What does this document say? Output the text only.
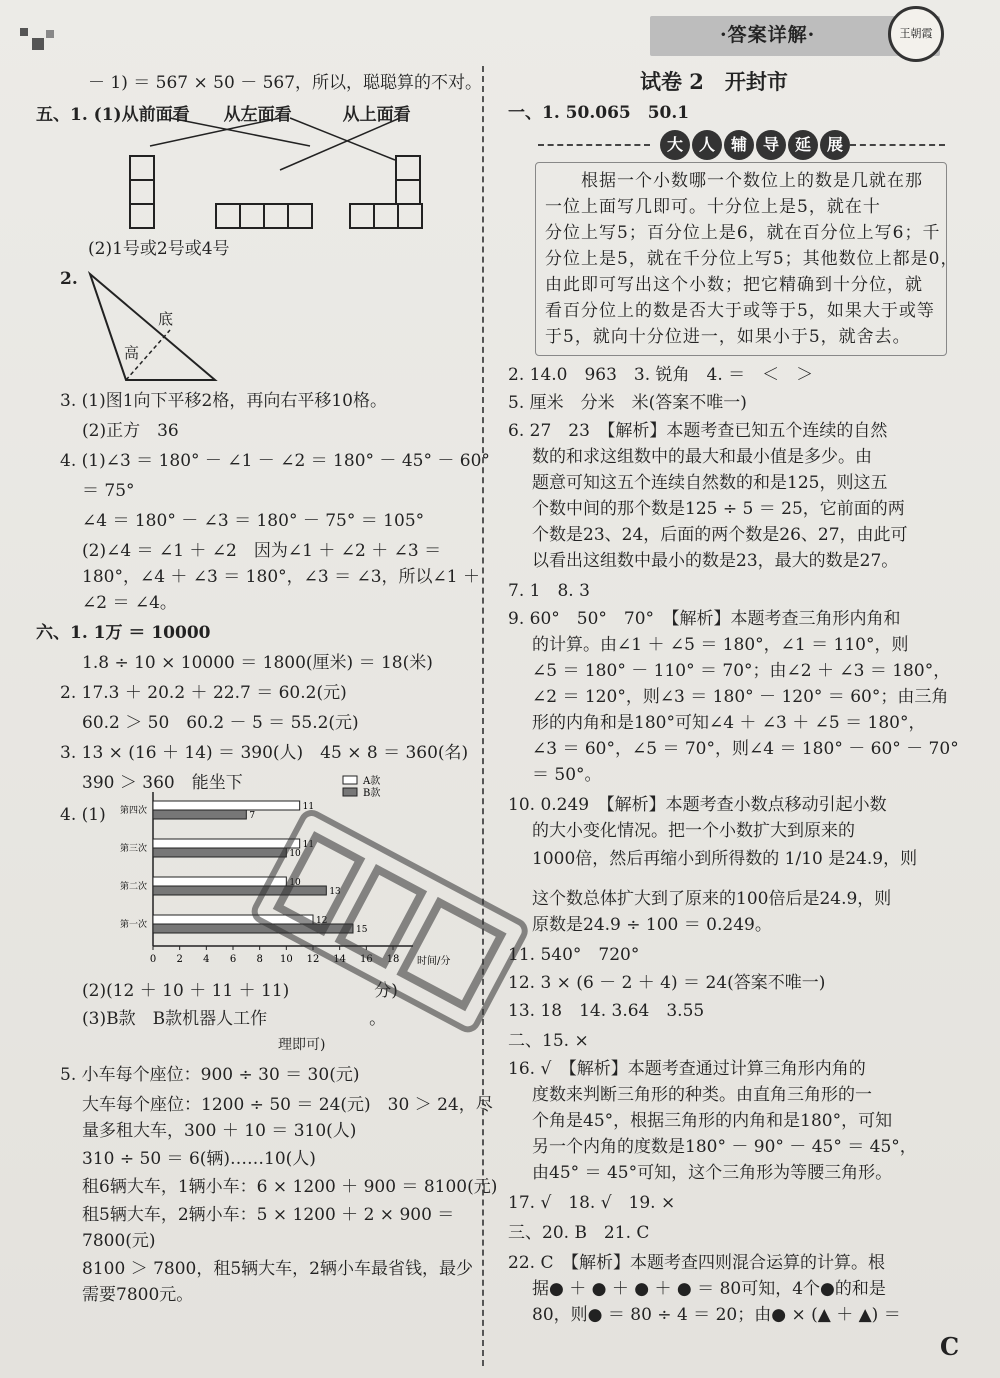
·答案详解·	王朝霞
－ 1) ＝ 567 × 50 － 567，所以，聪聪算的不对。
五、1. (1)从前面看　　从左面看　　　从上面看
(2)1号或2号或4号
2.
底
高
3. (1)图1向下平移2格，再向右平移10格。
(2)正方　36
4. (1)∠3 ＝ 180° － ∠1 － ∠2 ＝ 180° － 45° － 60°
＝ 75°
∠4 ＝ 180° － ∠3 ＝ 180° － 75° ＝ 105°
(2)∠4 ＝ ∠1 ＋ ∠2　因为∠1 ＋ ∠2 ＋ ∠3 ＝
180°，∠4 ＋ ∠3 ＝ 180°，∠3 ＝ ∠3，所以∠1 ＋
∠2 ＝ ∠4。
六、1. 1万 ＝ 10000
1.8 ÷ 10 × 10000 ＝ 1800(厘米) ＝ 18(米)
2. 17.3 ＋ 20.2 ＋ 22.7 ＝ 60.2(元)
60.2 ＞ 50　60.2 － 5 ＝ 55.2(元)
3. 13 × (16 ＋ 14) ＝ 390(人)　45 × 8 ＝ 360(名)
390 ＞ 360　能坐下
4. (1)
0 2 4 6 8 10 12 14 16 18 时间/分
A款
B款
第一次	12
15
第二次	10
13
第三次	11
10
第四次	11
7
(2)(12 ＋ 10 ＋ 11 ＋ 11)　　　　　分)
(3)B款　B款机器人工作　　　　　　。
　　　　　　　　　　　　　　理即可)
5. 小车每个座位：900 ÷ 30 ＝ 30(元)
大车每个座位：1200 ÷ 50 ＝ 24(元)　30 ＞ 24，尽
量多租大车，300 ＋ 10 ＝ 310(人)
310 ÷ 50 ＝ 6(辆)……10(人)
租6辆大车，1辆小车：6 × 1200 ＋ 900 ＝ 8100(元)
租5辆大车，2辆小车：5 × 1200 ＋ 2 × 900 ＝
7800(元)
8100 ＞ 7800，租5辆大车，2辆小车最省钱，最少
需要7800元。
试卷 2　开封市
一、1. 50.065　50.1
大 人 辅 导 延 展
　　根据一个小数哪一个数位上的数是几就在那
一位上面写几即可。十分位上是5，就在十
分位上写5；百分位上是6，就在百分位上写6；千
分位上是5，就在千分位上写5；其他数位上都是0，
由此即可写出这个小数；把它精确到十分位，就
看百分位上的数是否大于或等于5，如果大于或等
于5，就向十分位进一，如果小于5，就舍去。
2. 14.0　963　3. 锐角　4. ＝　＜　＞
5. 厘米　分米　米(答案不唯一)
6. 27　23　【解析】本题考查已知五个连续的自然
数的和求这组数中的最大和最小值是多少。由
题意可知这五个连续自然数的和是125，则这五
个数中间的那个数是125 ÷ 5 ＝ 25，它前面的两
个数是23、24，后面的两个数是26、27，由此可
以看出这组数中最小的数是23，最大的数是27。
7. 1　8. 3
9. 60°　50°　70°　【解析】本题考查三角形内角和
的计算。由∠1 ＋ ∠5 ＝ 180°，∠1 ＝ 110°，则
∠5 ＝ 180° － 110° ＝ 70°；由∠2 ＋ ∠3 ＝ 180°，
∠2 ＝ 120°，则∠3 ＝ 180° － 120° ＝ 60°；由三角
形的内角和是180°可知∠4 ＋ ∠3 ＋ ∠5 ＝ 180°，
∠3 ＝ 60°，∠5 ＝ 70°，则∠4 ＝ 180° － 60° － 70°
＝ 50°。
10. 0.249　【解析】本题考查小数点移动引起小数
的大小变化情况。把一个小数扩大到原来的
1000倍，然后再缩小到所得数的 1/10 是24.9，则
这个数总体扩大到了原来的100倍后是24.9，则
原数是24.9 ÷ 100 ＝ 0.249。
11. 540°　720°
12. 3 × (6 － 2 ＋ 4) ＝ 24(答案不唯一)
13. 18　14. 3.64　3.55
二、15. ×
16. √　【解析】本题考查通过计算三角形内角的
度数来判断三角形的种类。由直角三角形的一
个角是45°，根据三角形的内角和是180°，可知
另一个内角的度数是180° － 90° － 45° ＝ 45°，
由45° ＝ 45°可知，这个三角形为等腰三角形。
17. √　18. √　19. ×
三、20. B　21. C
22. C　【解析】本题考查四则混合运算的计算。根
据● ＋ ● ＋ ● ＋ ● ＝ 80可知，4个●的和是
80，则● ＝ 80 ÷ 4 ＝ 20；由● × (▲ ＋ ▲) ＝
C
